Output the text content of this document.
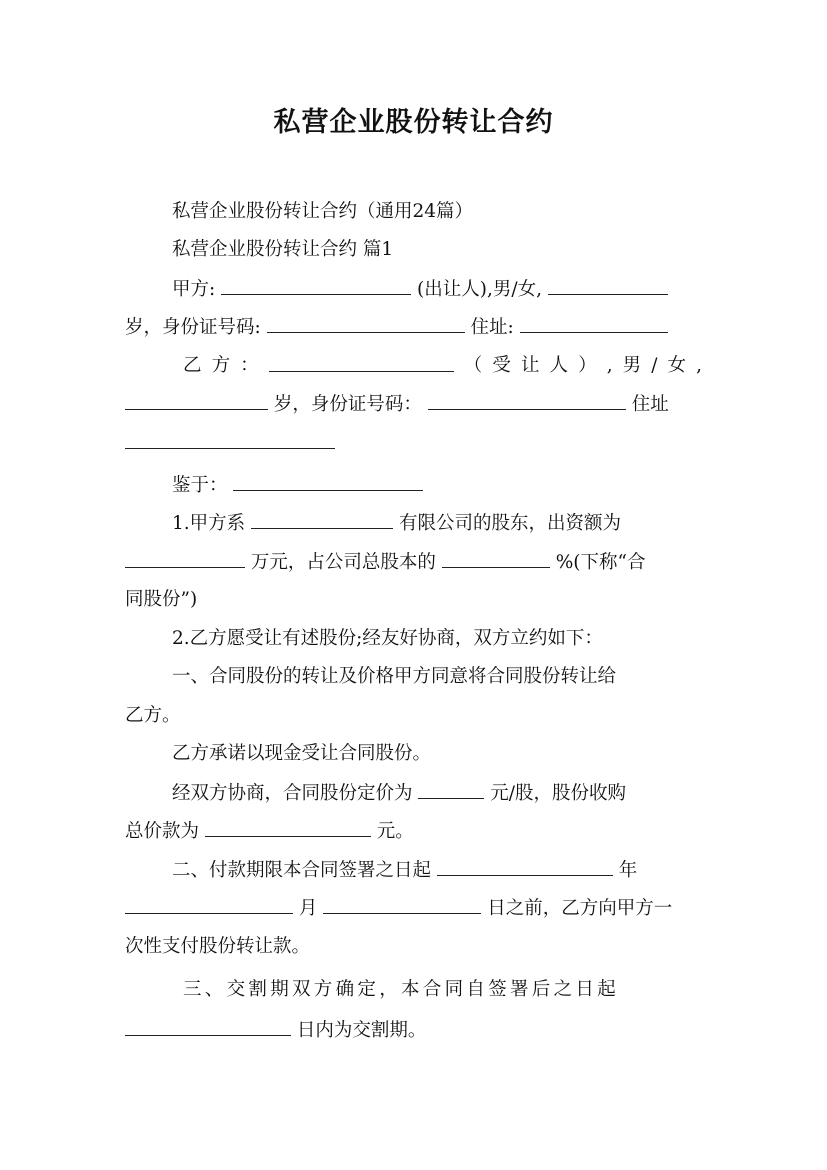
私营企业股份转让合约
私营企业股份转让合约（通用24篇）
私营企业股份转让合约 篇1
甲方:	(出让人),男/女,
岁，身份证号码:	住址:
乙 方 ：	（ 受 让 人 ） , 男 / 女 ,
岁，身份证号码：	住址
鉴于：
1.甲方系	有限公司的股东，出资额为
万元，占公司总股本的	%(下称“合
同股份”)
2.乙方愿受让有述股份;经友好协商，双方立约如下：
一、合同股份的转让及价格甲方同意将合同股份转让给
乙方。
乙方承诺以现金受让合同股份。
经双方协商，合同股份定价为	元/股，股份收购
总价款为	元。
二、付款期限本合同签署之日起	年
月	日之前，乙方向甲方一
次性支付股份转让款。
三、交割期双方确定，本合同自签署后之日起
日内为交割期。
